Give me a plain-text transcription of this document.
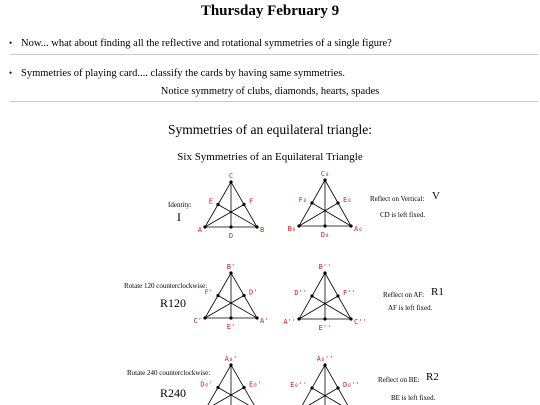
Thursday February 9
• Now... what about finding all the reflective and rotational symmetries of a single figure?
• Symmetries of playing card.... classify the cards by having same symmetries.
Notice symmetry of clubs, diamonds, hearts, spades
Symmetries of an equilateral triangle:
Six Symmetries of an Equilateral Triangle
Identity:
I
Reflect on Vertical: V
CD is left fixed.
Rotate 120 counterclockwise:
R120
Reflect on AF: R1
AF is left fixed.
Rotate 240 counterclockwise:
R240
Reflect on BE: R2
BE is left fixed.
C
A	B
E	F
D
C₀
B₀	A₀
F₀	E₀
D₀
B'
C'	A'
F'	D'
E'
B''
A''	C''
D''	F''
E''
A₀'
D₀'	E₀'
A₀''
E₀''	D₀''
